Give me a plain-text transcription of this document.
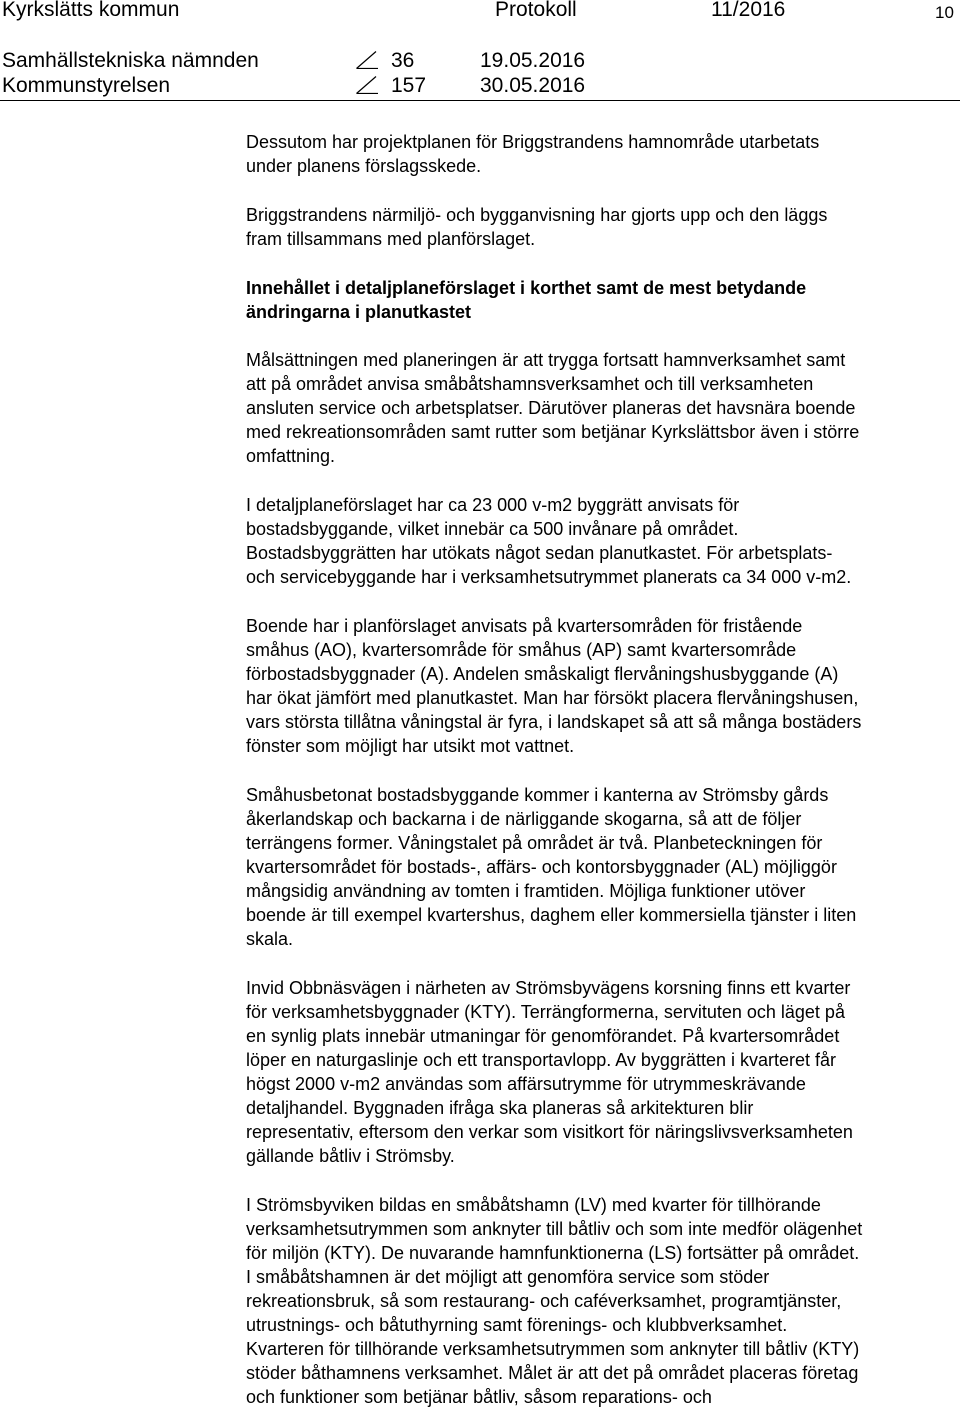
Kyrkslätts kommun	Protokoll	11/2016	10
Samhällstekniska nämnden	36	19.05.2016
Kommunstyrelsen	157	30.05.2016

Dessutom har projektplanen för Briggstrandens hamnområde utarbetats
under planens förslagsskede.

Briggstrandens närmiljö- och bygganvisning har gjorts upp och den läggs
fram tillsammans med planförslaget.

Innehållet i detaljplaneförslaget i korthet samt de mest betydande
ändringarna i planutkastet

Målsättningen med planeringen är att trygga fortsatt hamnverksamhet samt
att på området anvisa småbåtshamnsverksamhet och till verksamheten
ansluten service och arbetsplatser. Därutöver planeras det havsnära boende
med rekreationsområden samt rutter som betjänar Kyrkslättsbor även i större
omfattning.

I detaljplaneförslaget har ca 23 000 v-m2 byggrätt anvisats för
bostadsbyggande, vilket innebär ca 500 invånare på området.
Bostadsbyggrätten har utökats något sedan planutkastet. För arbetsplats-
och servicebyggande har i verksamhetsutrymmet planerats ca 34 000 v-m2.

Boende har i planförslaget anvisats på kvartersområden för fristående
småhus (AO), kvartersområde för småhus (AP) samt kvartersområde
förbostadsbyggnader (A). Andelen småskaligt flervåningshusbyggande (A)
har ökat jämfört med planutkastet. Man har försökt placera flervåningshusen,
vars största tillåtna våningstal är fyra, i landskapet så att så många bostäders
fönster som möjligt har utsikt mot vattnet.

Småhusbetonat bostadsbyggande kommer i kanterna av Strömsby gårds
åkerlandskap och backarna i de närliggande skogarna, så att de följer
terrängens former. Våningstalet på området är två. Planbeteckningen för
kvartersområdet för bostads-, affärs- och kontorsbyggnader (AL) möjliggör
mångsidig användning av tomten i framtiden. Möjliga funktioner utöver
boende är till exempel kvartershus, daghem eller kommersiella tjänster i liten
skala.

Invid Obbnäsvägen i närheten av Strömsbyvägens korsning finns ett kvarter
för verksamhetsbyggnader (KTY). Terrängformerna, servituten och läget på
en synlig plats innebär utmaningar för genomförandet. På kvartersområdet
löper en naturgaslinje och ett transportavlopp. Av byggrätten i kvarteret får
högst 2000 v-m2 användas som affärsutrymme för utrymmeskrävande
detaljhandel. Byggnaden ifråga ska planeras så arkitekturen blir
representativ, eftersom den verkar som visitkort för näringslivsverksamheten
gällande båtliv i Strömsby.

I Strömsbyviken bildas en småbåtshamn (LV) med kvarter för tillhörande
verksamhetsutrymmen som anknyter till båtliv och som inte medför olägenhet
för miljön (KTY). De nuvarande hamnfunktionerna (LS) fortsätter på området.
I småbåtshamnen är det möjligt att genomföra service som stöder
rekreationsbruk, så som restaurang- och caféverksamhet, programtjänster,
utrustnings- och båtuthyrning samt förenings- och klubbverksamhet.
Kvarteren för tillhörande verksamhetsutrymmen som anknyter till båtliv (KTY)
stöder båthamnens verksamhet. Målet är att det på området placeras företag
och funktioner som betjänar båtliv, såsom reparations- och
